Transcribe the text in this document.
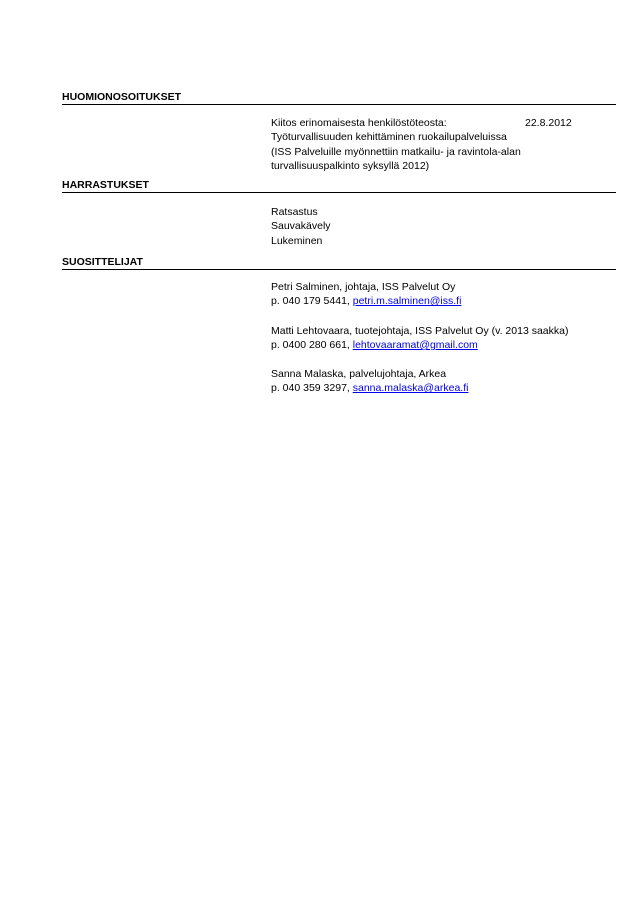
HUOMIONOSOITUKSET
Kiitos erinomaisesta henkilöstöteosta:	22.8.2012
Työturvallisuuden kehittäminen ruokailupalveluissa
(ISS Palveluille myönnettiin matkailu- ja ravintola-alan
turvallisuuspalkinto syksyllä 2012)
HARRASTUKSET
Ratsastus
Sauvakävely
Lukeminen
SUOSITTELIJAT
Petri Salminen, johtaja, ISS Palvelut Oy
p. 040 179 5441, petri.m.salminen@iss.fi
Matti Lehtovaara, tuotejohtaja, ISS Palvelut Oy (v. 2013 saakka)
p. 0400 280 661, lehtovaaramat@gmail.com
Sanna Malaska, palvelujohtaja, Arkea
p. 040 359 3297, sanna.malaska@arkea.fi
